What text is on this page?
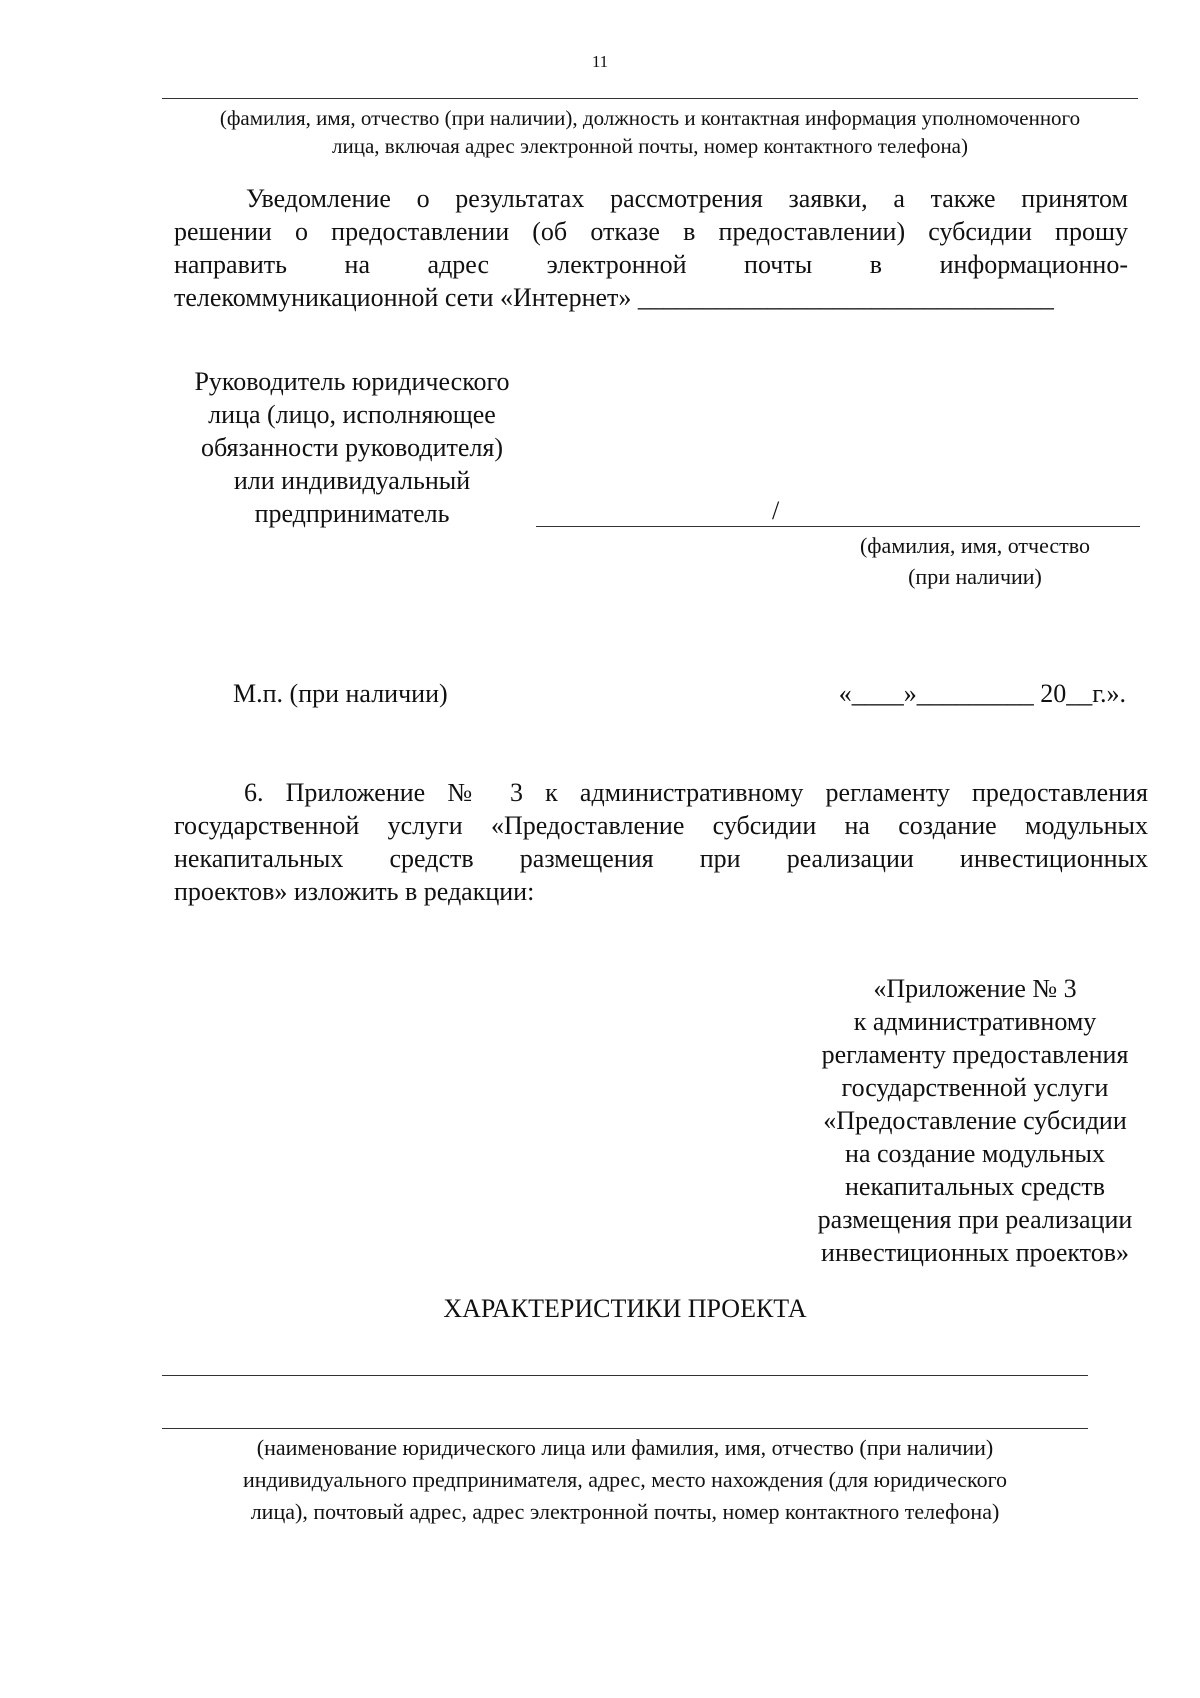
11
(фамилия, имя, отчество (при наличии), должность и контактная информация уполномоченного
лица, включая адрес электронной почты, номер контактного телефона)
Уведомление о результатах рассмотрения заявки, а также принятом
решении о предоставлении (об отказе в предоставлении) субсидии прошу
направить на адрес электронной почты в информационно-
телекоммуникационной сети «Интернет» ________________________________
Руководитель юридического
лица (лицо, исполняющее
обязанности руководителя)
или индивидуальный
предприниматель	/
(фамилия, имя, отчество
(при наличии)
М.п. (при наличии)	«____»_________ 20__г.».
6. Приложение № 3 к административному регламенту предоставления
государственной услуги «Предоставление субсидии на создание модульных
некапитальных средств размещения при реализации инвестиционных
проектов» изложить в редакции:
«Приложение № 3
к административному
регламенту предоставления
государственной услуги
«Предоставление субсидии
на создание модульных
некапитальных средств
размещения при реализации
инвестиционных проектов»
ХАРАКТЕРИСТИКИ ПРОЕКТА
(наименование юридического лица или фамилия, имя, отчество (при наличии)
индивидуального предпринимателя, адрес, место нахождения (для юридического
лица), почтовый адрес, адрес электронной почты, номер контактного телефона)
